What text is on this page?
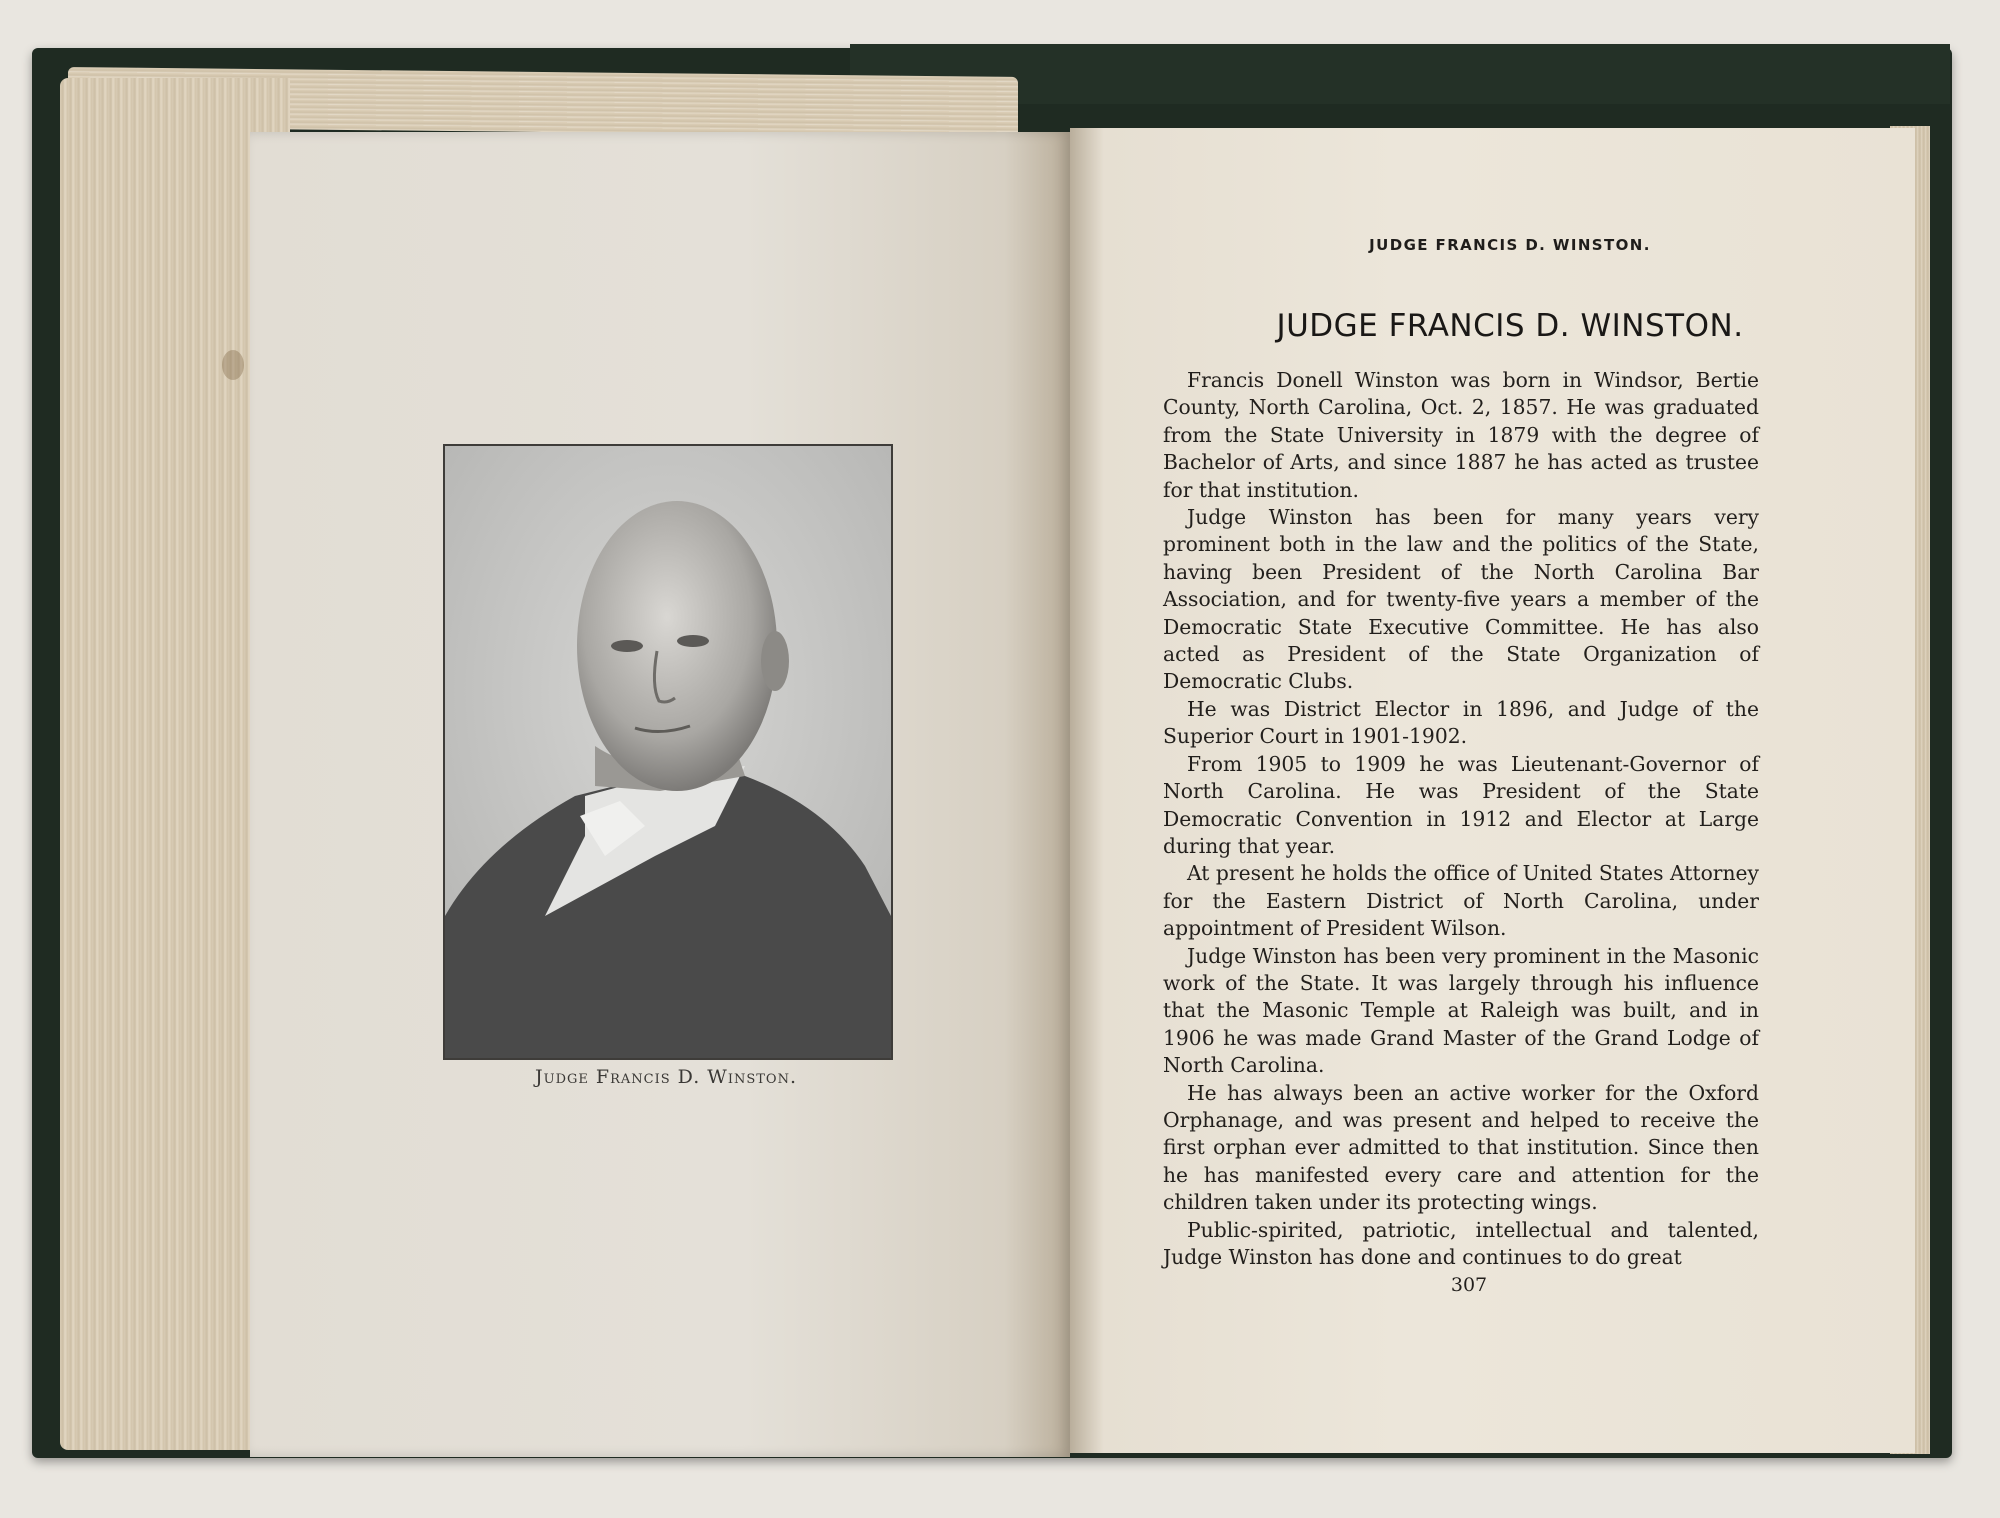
Judge Francis D. Winston.
JUDGE FRANCIS D. WINSTON.
JUDGE FRANCIS D. WINSTON.

Francis Donell Winston was born in Windsor, Bertie County, North Carolina, Oct. 2, 1857. He was graduated from the State University in 1879 with the degree of Bachelor of Arts, and since 1887 he has acted as trustee for that institution.

Judge Winston has been for many years very prominent both in the law and the politics of the State, having been President of the North Carolina Bar Association, and for twenty-five years a member of the Democratic State Executive Committee. He has also acted as President of the State Organization of Democratic Clubs.

He was District Elector in 1896, and Judge of the Superior Court in 1901-1902.

From 1905 to 1909 he was Lieutenant-Governor of North Carolina. He was President of the State Democratic Convention in 1912 and Elector at Large during that year.

At present he holds the office of United States Attorney for the Eastern District of North Carolina, under appointment of President Wilson.

Judge Winston has been very prominent in the Masonic work of the State. It was largely through his influence that the Masonic Temple at Raleigh was built, and in 1906 he was made Grand Master of the Grand Lodge of North Carolina.

He has always been an active worker for the Oxford Orphanage, and was present and helped to receive the first orphan ever admitted to that institution. Since then he has manifested every care and attention for the children taken under its protecting wings.

Public-spirited, patriotic, intellectual and talented, Judge Winston has done and continues to do great

307
